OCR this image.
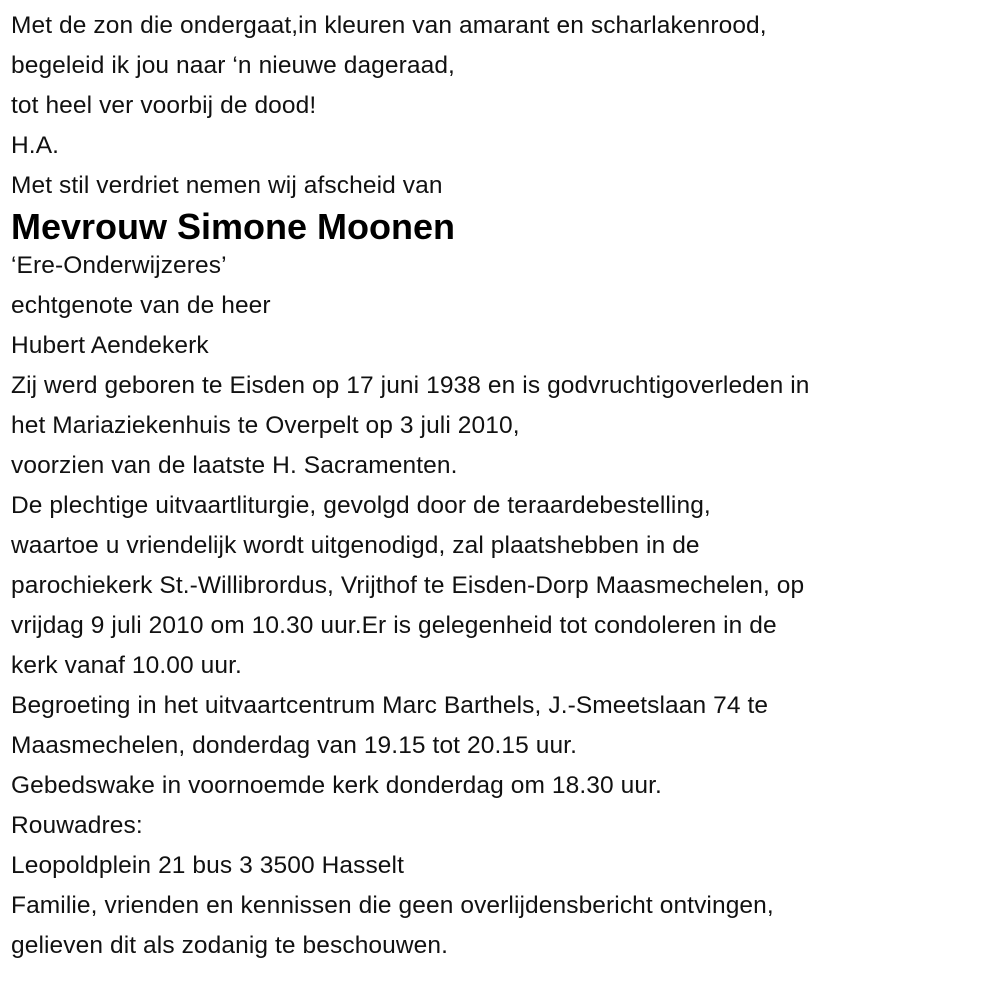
Met de zon die ondergaat,in kleuren van amarant en scharlakenrood,
begeleid ik jou naar ‘n nieuwe dageraad,
tot heel ver voorbij de dood!
H.A.
Met stil verdriet nemen wij afscheid van
Mevrouw Simone Moonen
‘Ere-Onderwijzeres’
echtgenote van de heer
Hubert Aendekerk
Zij werd geboren te Eisden op 17 juni 1938 en is godvruchtigoverleden in
het Mariaziekenhuis te Overpelt op 3 juli 2010,
voorzien van de laatste H. Sacramenten.
De plechtige uitvaartliturgie, gevolgd door de teraardebestelling,
waartoe u vriendelijk wordt uitgenodigd, zal plaatshebben in de
parochiekerk St.-Willibrordus, Vrijthof te Eisden-Dorp Maasmechelen, op
vrijdag 9 juli 2010 om 10.30 uur.Er is gelegenheid tot condoleren in de
kerk vanaf 10.00 uur.
Begroeting in het uitvaartcentrum Marc Barthels, J.-Smeetslaan 74 te
Maasmechelen, donderdag van 19.15 tot 20.15 uur.
Gebedswake in voornoemde kerk donderdag om 18.30 uur.
Rouwadres:
Leopoldplein 21 bus 3 3500 Hasselt
Familie, vrienden en kennissen die geen overlijdensbericht ontvingen,
gelieven dit als zodanig te beschouwen.
